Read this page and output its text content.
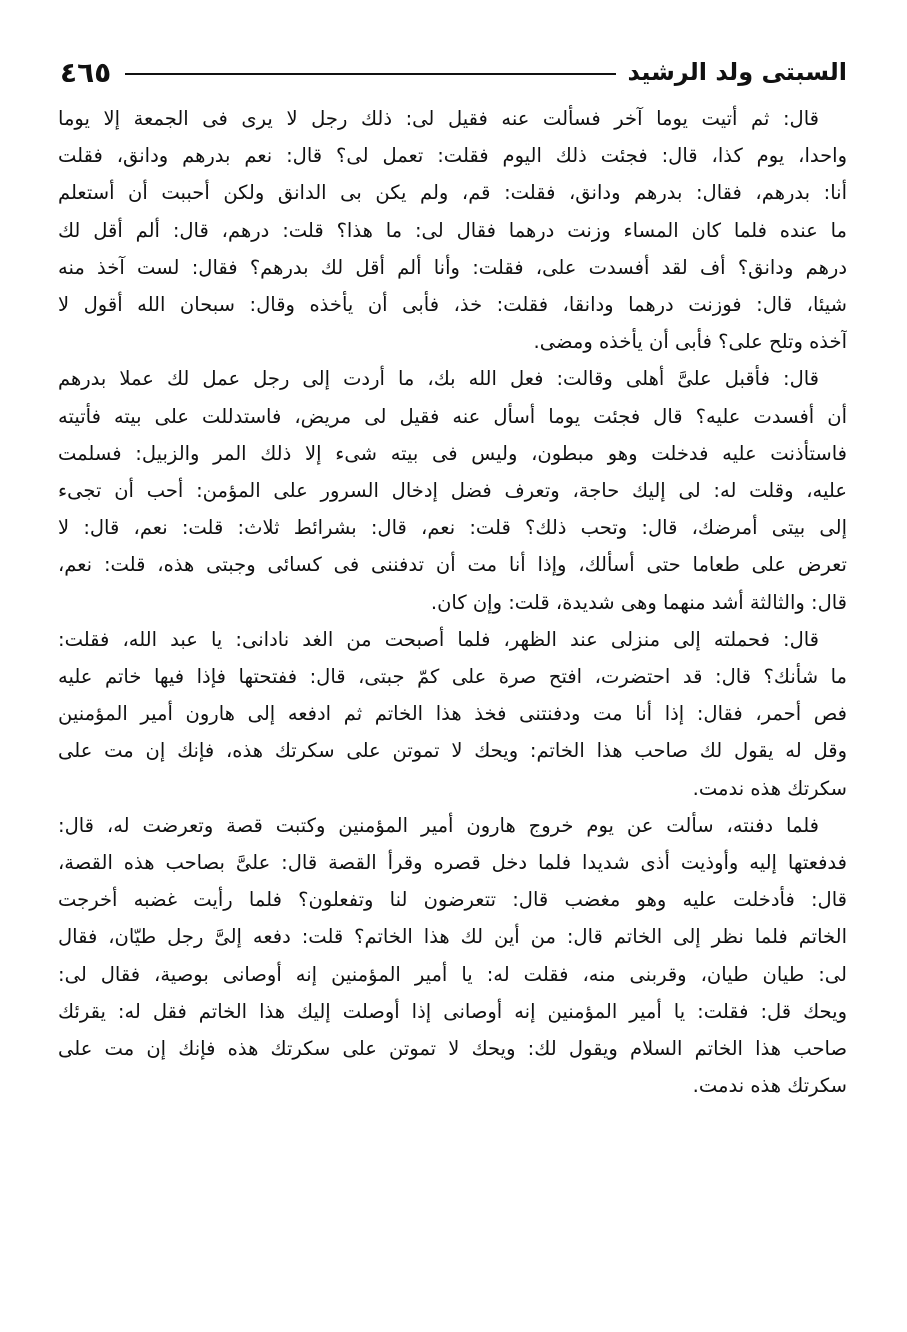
السبتى ولد الرشيد
٤٦٥

قال: ثم أتيت يوما آخر فسألت عنه فقيل لى: ذلك رجل لا يرى فى الجمعة إلا يوما
واحدا، يوم كذا، قال: فجئت ذلك اليوم فقلت: تعمل لى؟ قال: نعم بدرهم ودانق، فقلت
أنا: بدرهم، فقال: بدرهم ودانق، فقلت: قم، ولم يكن بى الدانق ولكن أحببت أن أستعلم
ما عنده فلما كان المساء وزنت درهما فقال لى: ما هذا؟ قلت: درهم، قال: ألم أقل لك
درهم ودانق؟ أف لقد أفسدت على، فقلت: وأنا ألم أقل لك بدرهم؟ فقال: لست آخذ منه
شيئا، قال: فوزنت درهما ودانقا، فقلت: خذ، فأبى أن يأخذه وقال: سبحان الله أقول لا
آخذه وتلح على؟ فأبى أن يأخذه ومضى.

قال: فأقبل علىَّ أهلى وقالت: فعل الله بك، ما أردت إلى رجل عمل لك عملا بدرهم
أن أفسدت عليه؟ قال فجئت يوما أسأل عنه فقيل لى مريض، فاستدللت على بيته فأتيته
فاستأذنت عليه فدخلت وهو مبطون، وليس فى بيته شىء إلا ذلك المر والزبيل: فسلمت
عليه، وقلت له: لى إليك حاجة، وتعرف فضل إدخال السرور على المؤمن: أحب أن تجىء
إلى بيتى أمرضك، قال: وتحب ذلك؟ قلت: نعم، قال: بشرائط ثلاث: قلت: نعم، قال: لا
تعرض على طعاما حتى أسألك، وإذا أنا مت أن تدفننى فى كسائى وجبتى هذه، قلت: نعم،
قال: والثالثة أشد منهما وهى شديدة، قلت: وإن كان.

قال: فحملته إلى منزلى عند الظهر، فلما أصبحت من الغد نادانى: يا عبد الله، فقلت:
ما شأنك؟ قال: قد احتضرت، افتح صرة على كمّ جبتى، قال: ففتحتها فإذا فيها خاتم عليه
فص أحمر، فقال: إذا أنا مت ودفنتنى فخذ هذا الخاتم ثم ادفعه إلى هارون أمير المؤمنين
وقل له يقول لك صاحب هذا الخاتم: ويحك لا تموتن على سكرتك هذه، فإنك إن مت على
سكرتك هذه ندمت.

فلما دفنته، سألت عن يوم خروج هارون أمير المؤمنين وكتبت قصة وتعرضت له، قال:
فدفعتها إليه وأوذيت أذى شديدا فلما دخل قصره وقرأ القصة قال: علىَّ بصاحب هذه القصة،
قال: فأدخلت عليه وهو مغضب قال: تتعرضون لنا وتفعلون؟ فلما رأيت غضبه أخرجت
الخاتم فلما نظر إلى الخاتم قال: من أين لك هذا الخاتم؟ قلت: دفعه إلىَّ رجل طيّان، فقال
لى: طيان طيان، وقربنى منه، فقلت له: يا أمير المؤمنين إنه أوصانى بوصية، فقال لى:
ويحك قل: فقلت: يا أمير المؤمنين إنه أوصانى إذا أوصلت إليك هذا الخاتم فقل له: يقرئك
صاحب هذا الخاتم السلام ويقول لك: ويحك لا تموتن على سكرتك هذه فإنك إن مت على
سكرتك هذه ندمت.
